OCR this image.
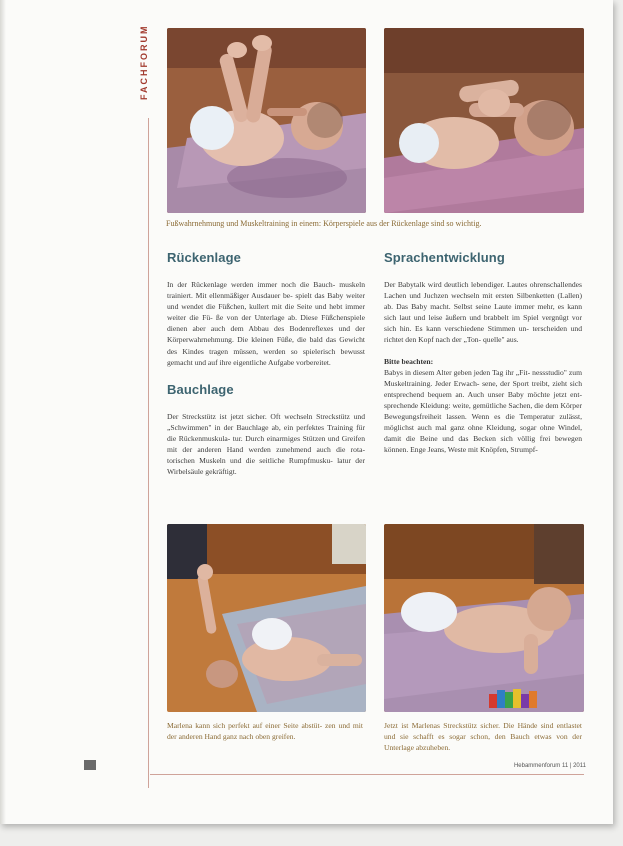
FACHFORUM
Fußwahrnehmung und Muskeltraining in einem: Körperspiele aus der Rückenlage sind so wichtig.
Rückenlage

In der Rückenlage werden immer noch die Bauch- muskeln trainiert. Mit ellenmäßiger Ausdauer be- spielt das Baby weiter und wendet die Füßchen, kullert mit die Seite und hebt immer weiter die Fü- ße von der Unterlage ab. Diese Füßchenspiele dienen aber auch dem Abbau des Bodenreflexes und der Körperwahrnehmung. Die kleinen Füße, die bald das Gewicht des Kindes tragen müssen, werden so spielerisch bewusst gemacht und auf ihre eigentliche Aufgabe vorbereitet.

Bauchlage

Der Streckstütz ist jetzt sicher. Oft wechseln Streckstütz und „Schwimmen" in der Bauchlage ab, ein perfektes Training für die Rückenmuskula- tur. Durch einarmiges Stützen und Greifen mit der anderen Hand werden zunehmend auch die rota- torischen Muskeln und die seitliche Rumpfmusku- latur der Wirbelsäule gekräftigt.

Sprachentwicklung

Der Babytalk wird deutlich lebendiger. Lautes ohrenschallendes Lachen und Juchzen wechseln mit ersten Silbenketten (Lallen) ab. Das Baby macht. Selbst seine Laute immer mehr, es kann sich laut und leise äußern und brabbelt im Spiel vergnügt vor sich hin. Es kann verschiedene Stimmen un- terscheiden und richtet den Kopf nach der „Ton- quelle" aus.

Bitte beachten:

Babys in diesem Alter geben jeden Tag ihr „Fit- nessstudio" zum Muskeltraining. Jeder Erwach- sene, der Sport treibt, zieht sich entsprechend bequem an. Auch unser Baby möchte jetzt ent- sprechende Kleidung: weite, gemütliche Sachen, die dem Körper Bewegungsfreiheit lassen. Wenn es die Temperatur zulässt, möglichst auch mal ganz ohne Kleidung, sogar ohne Windel, damit die Beine und das Becken sich völlig frei bewegen können. Enge Jeans, Weste mit Knöpfen, Strumpf-

Marlena kann sich perfekt auf einer Seite abstüt- zen und mit der anderen Hand ganz nach oben greifen.
Jetzt ist Marlenas Streckstütz sicher. Die Hände sind entlastet und sie schafft es sogar schon, den Bauch etwas von der Unterlage abzuheben.
Hebammenforum 11 | 2011
